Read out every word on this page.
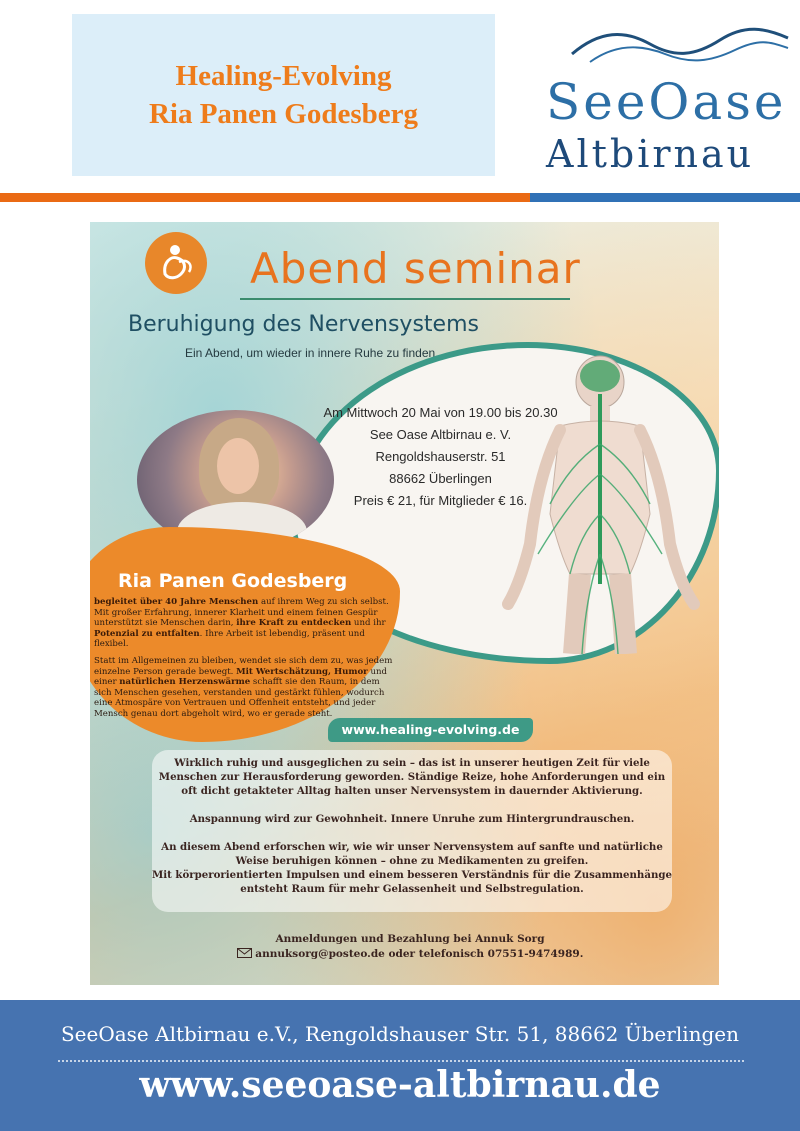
Healing-Evolving
Ria Panen Godesberg	SeeOase
Altbirnau
Abend seminar
Beruhigung des Nervensystems
Ein Abend, um wieder in innere Ruhe zu finden.
Am Mittwoch 20 Mai von 19.00 bis 20.30
See Oase Altbirnau e. V.
Rengoldshauserstr. 51
88662 Überlingen
Preis € 21, für Mitglieder € 16.
Ria Panen Godesberg

begleitet über 40 Jahre Menschen auf ihrem Weg zu sich selbst. Mit großer Erfahrung, innerer Klarheit und einem feinen Gespür unterstützt sie Menschen darin, ihre Kraft zu entdecken und ihr Potenzial zu entfalten. Ihre Arbeit ist lebendig, präsent und flexibel.

Statt im Allgemeinen zu bleiben, wendet sie sich dem zu, was jedem einzelne Person gerade bewegt. Mit Wertschätzung, Humor und einer natürlichen Herzenswärme schafft sie den Raum, in dem sich Menschen gesehen, verstanden und gestärkt fühlen, wodurch eine Atmospäre von Vertrauen und Offenheit entsteht, und jeder Mensch genau dort abgeholt wird, wo er gerade steht.

www.healing-evolving.de

Wirklich ruhig und ausgeglichen zu sein – das ist in unserer heutigen Zeit für viele Menschen zur Herausforderung geworden. Ständige Reize, hohe Anforderungen und ein oft dicht getakteter Alltag halten unser Nervensystem in dauernder Aktivierung.

Anspannung wird zur Gewohnheit. Innere Unruhe zum Hintergrundrauschen.

An diesem Abend erforschen wir, wie wir unser Nervensystem auf sanfte und natürliche Weise beruhigen können – ohne zu Medikamenten zu greifen.

Mit körperorientierten Impulsen und einem besseren Verständnis für die Zusammenhänge entsteht Raum für mehr Gelassenheit und Selbstregulation.

Anmeldungen und Bezahlung bei Annuk Sorg
annuksorg@posteo.de oder telefonisch 07551-9474989.
SeeOase Altbirnau e.V., Rengoldshauser Str. 51, 88662 Überlingen
www.seeoase-altbirnau.de
